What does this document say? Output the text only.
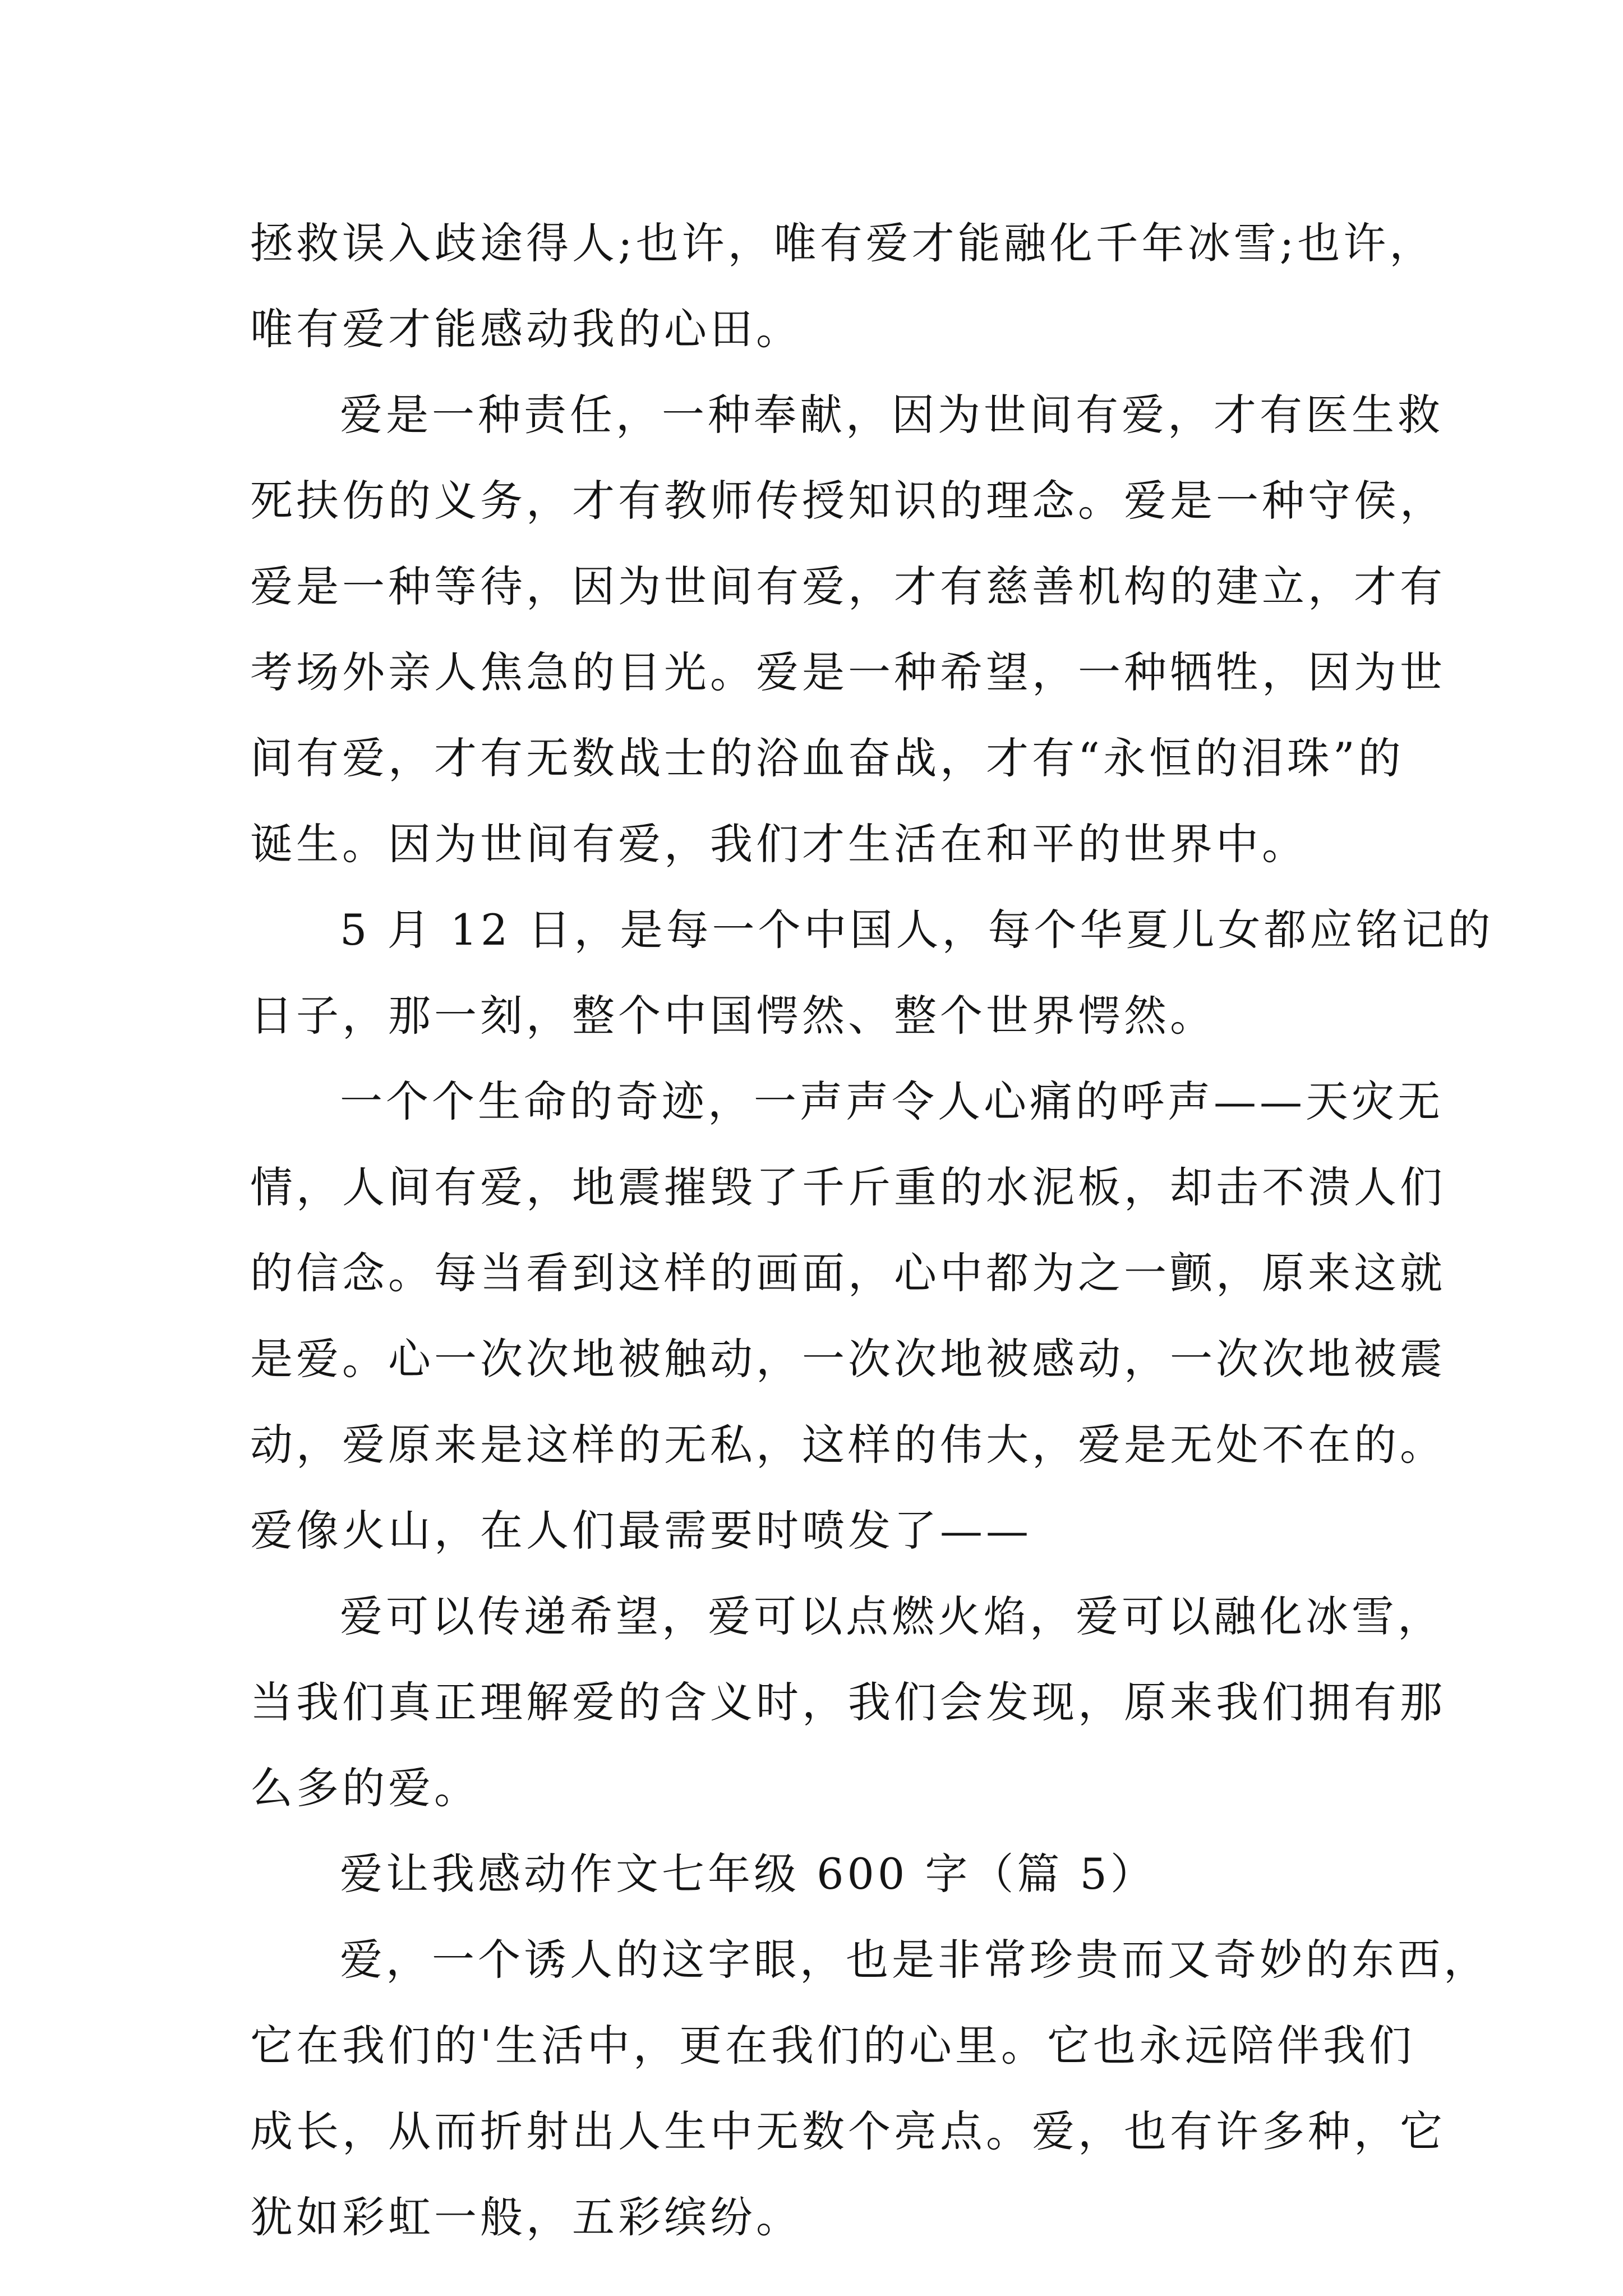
拯救误入歧途得人;也许，唯有爱才能融化千年冰雪;也许，
唯有爱才能感动我的心田。
爱是一种责任，一种奉献，因为世间有爱，才有医生救
死扶伤的义务，才有教师传授知识的理念。爱是一种守侯，
爱是一种等待，因为世间有爱，才有慈善机构的建立，才有
考场外亲人焦急的目光。爱是一种希望，一种牺牲，因为世
间有爱，才有无数战士的浴血奋战，才有“永恒的泪珠”的
诞生。因为世间有爱，我们才生活在和平的世界中。
5 月 12 日，是每一个中国人，每个华夏儿女都应铭记的
日子，那一刻，整个中国愕然、整个世界愕然。
一个个生命的奇迹，一声声令人心痛的呼声——天灾无
情，人间有爱，地震摧毁了千斤重的水泥板，却击不溃人们
的信念。每当看到这样的画面，心中都为之一颤，原来这就
是爱。心一次次地被触动，一次次地被感动，一次次地被震
动，爱原来是这样的无私，这样的伟大，爱是无处不在的。
爱像火山，在人们最需要时喷发了——
爱可以传递希望，爱可以点燃火焰，爱可以融化冰雪，
当我们真正理解爱的含义时，我们会发现，原来我们拥有那
么多的爱。
爱让我感动作文七年级 600 字（篇 5）
爱，一个诱人的这字眼，也是非常珍贵而又奇妙的东西，
它在我们的'生活中，更在我们的心里。它也永远陪伴我们
成长，从而折射出人生中无数个亮点。爱，也有许多种，它
犹如彩虹一般，五彩缤纷。
